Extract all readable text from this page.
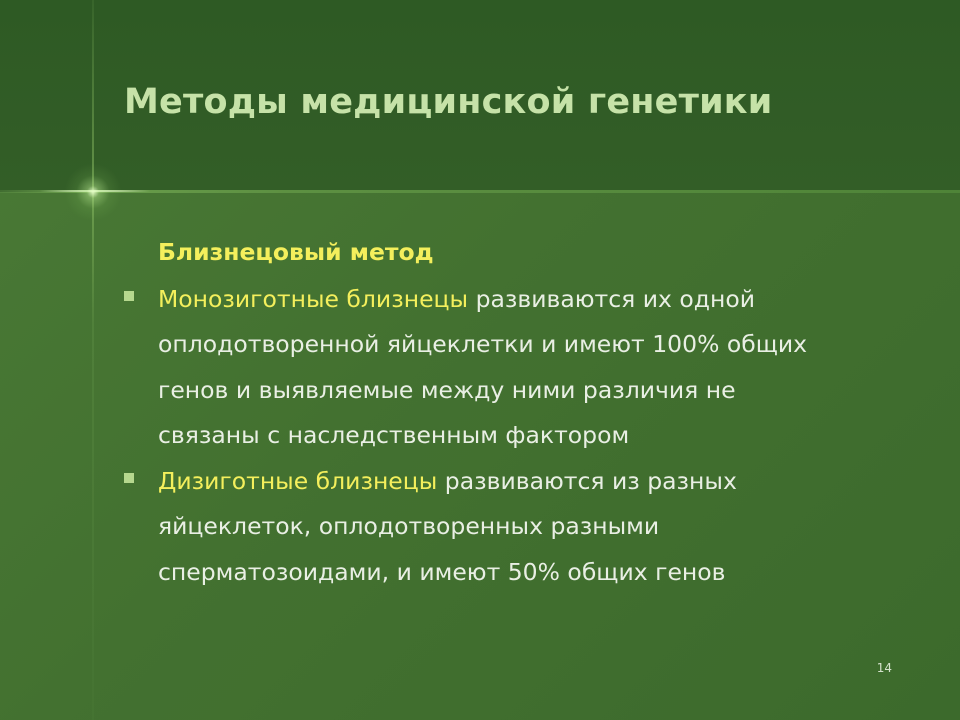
Методы медицинской генетики

Близнецовый метод

Монозиготные близнецы развиваются их одной оплодотворенной яйцеклетки и имеют 100% общих генов и выявляемые между ними различия не связаны с наследственным фактором

Дизиготные близнецы развиваются из разных яйцеклеток, оплодотворенных разными сперматозоидами, и имеют 50% общих генов

14
